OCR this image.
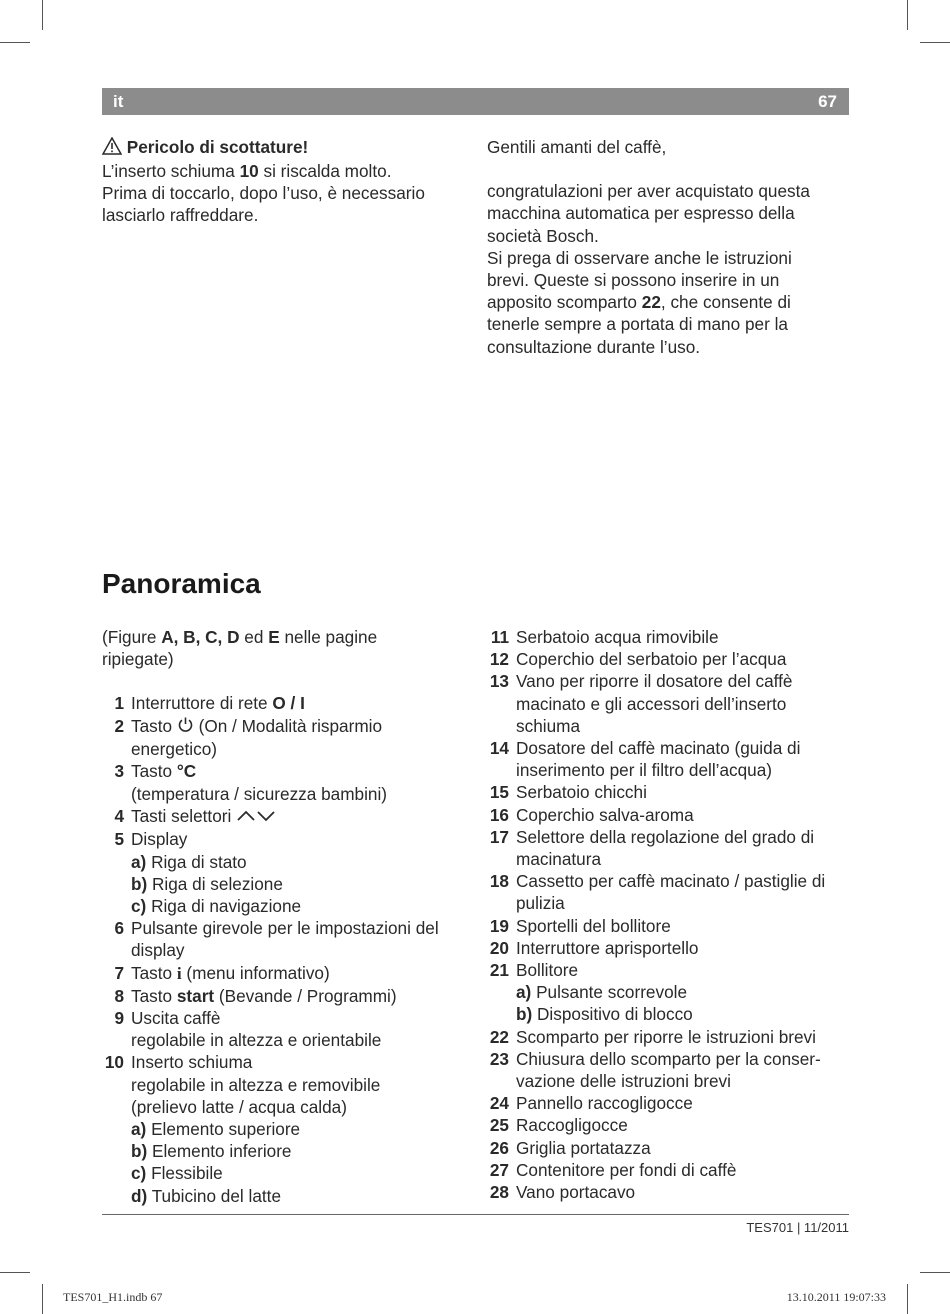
it	67

Pericolo di scottature!

L’inserto schiuma 10 si riscalda molto.

Prima di toccarlo, dopo l’uso, è necessario

lasciarlo raffreddare.

Gentili amanti del caffè,

congratulazioni per aver acquistato questa

macchina automatica per espresso della

società Bosch.

Si prega di osservare anche le istruzioni

brevi. Queste si possono inserire in un

apposito scomparto 22, che consente di

tenerle sempre a portata di mano per la

consultazione durante l’uso.

Panoramica

(Figure A, B, C, D ed E nelle pagine

ripiegate)

1 Interruttore di rete O / I
2 Tasto  (On / Modalità risparmio
energetico)
3 Tasto °C
(temperatura / sicurezza bambini)
4 Tasti selettori
5 Display
a) Riga di stato
b) Riga di selezione
c) Riga di navigazione
6 Pulsante girevole per le impostazioni del
display
7 Tasto i (menu informativo)
8 Tasto start (Bevande / Programmi)
9 Uscita caffè
regolabile in altezza e orientabile
10 Inserto schiuma
regolabile in altezza e removibile
(prelievo latte / acqua calda)
a) Elemento superiore
b) Elemento inferiore
c) Flessibile
d) Tubicino del latte
11 Serbatoio acqua rimovibile
12 Coperchio del serbatoio per l’acqua
13 Vano per riporre il dosatore del caffè
macinato e gli accessori dell’inserto
schiuma
14 Dosatore del caffè macinato (guida di
inserimento per il filtro dell’acqua)
15 Serbatoio chicchi
16 Coperchio salva-aroma
17 Selettore della regolazione del grado di
macinatura
18 Cassetto per caffè macinato / pastiglie di
pulizia
19 Sportelli del bollitore
20 Interruttore aprisportello
21 Bollitore
a) Pulsante scorrevole
b) Dispositivo di blocco
22 Scomparto per riporre le istruzioni brevi
23 Chiusura dello scomparto per la conser-
vazione delle istruzioni brevi
24 Pannello raccogligocce
25 Raccogligocce
26 Griglia portatazza
27 Contenitore per fondi di caffè
28 Vano portacavo
TES701 | 11/2011
TES701_H1.indb 67	13.10.2011 19:07:33
